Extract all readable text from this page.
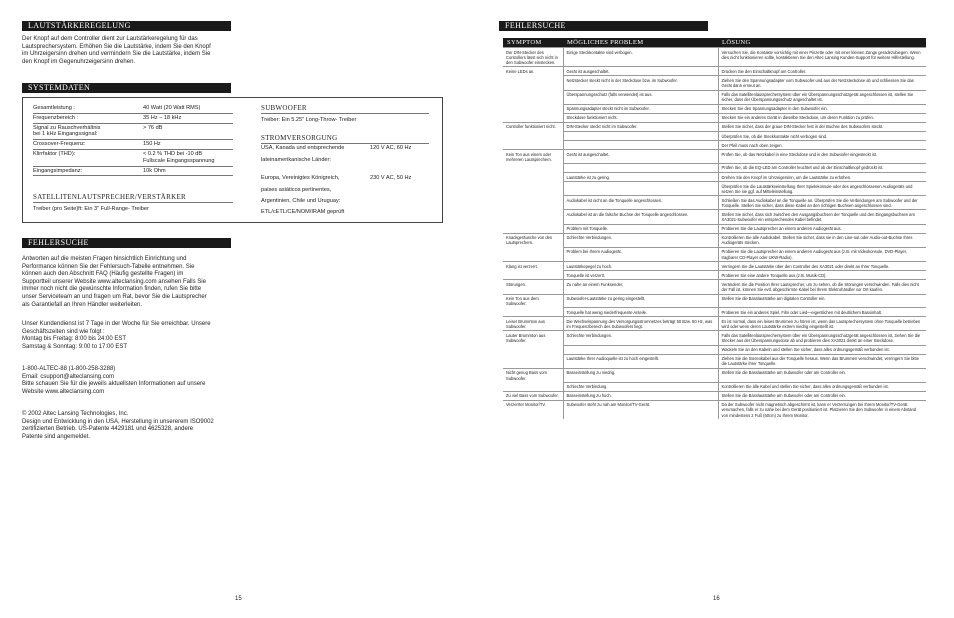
LAUTSTÄRKEREGELUNG
Der Knopf auf dem Controller dient zur Lautstärkeregelung für das
Lautsprechersystem. Erhöhen Sie die Lautstärke, indem Sie den Knopf
im Uhrzeigersinn drehen und vermindern Sie die Lautstärke, indem Sie
den Knopf im Gegenuhrzeigersinn drehen.
SYSTEMDATEN
Gesamtleistung :	40 Watt (20 Watt RMS)
Frequenzbereich :	35 Hz – 18 kHz
Signal zu Rauschverhältnis
bei 1 kHz Eingangssignal:	> 76 dB
Crossover-Frequenz:	150 Hz
Klirrfaktor (THD):	< 0.2 % THD bei -10 dB
Fullscale Eingangsspannung
Eingangsimpedanz:	10k Ohm
SATELLITENLAUTSPRECHER/VERSTÄRKER
Treiber (pro Seite)ft: Ein 3" Full-Range- Treiber
SUBWOOFER
Treiber: Ein 5.25" Long-Throw- Treiber
STROMVERSORGUNG
USA, Kanada und entsprechende	120 V AC, 60 Hz
lateinamerikanische Länder:
Europa, Vereinigtes Königreich,	230 V AC, 50 Hz
paises asiáticos pertinentes,
Argentinien, Chile und Uruguay:
ETL/cETL/CE/NOM/IRAM geprüft
FEHLERSUCHE
Antworten auf die meisten Fragen hinsichtlich Einrichtung und
Performance können Sie der Fehlersuch-Tabelle entnehmen. Sie
können auch den Abschnitt FAQ (Häufig gestellte Fragen) im
Supportteil unserer Website www.alteclansing.com ansehen Falls Sie
immer noch nicht die gewünschte Information finden, rufen Sie bitte
unser Serviceteam an und fragen um Rat, bevor Sie die Lautsprecher
als Garantiefall an Ihren Händler weiterleiten.
Unser Kundendienst ist 7 Tage in der Woche für Sie erreichbar. Unsere
Geschäftszeiten sind wie folgt :
Montag bis Freitag: 8:00 bis 24:00 EST
Samstag & Sonntag: 9:00 to 17:00 EST
1-800-ALTEC-88 (1-800-258-3288)
Email: csupport@alteclansing.com
Bitte schauen Sie für die jeweils aktuellsten Informationen auf unsere
Website www.alteclansing.com
© 2002 Altec Lansing Technologies, Inc.
Design und Entwicklung in den USA, Herstellung in unsererem ISO9002
zertifizierten Betrieb. US-Patente 4429181 und 4625328, andere
Patente sind angemeldet.
15
FEHLERSUCHE
SYMPTOM	MÖGLICHES PROBLEM	LÖSUNG
Der DIN-Stecker des Controllers lässt sich nicht in den Subwoofer einstecken.	Einige Steckkontakte sind verbogen.	Versuchen Sie, die Kontakte vorsichtig mit einer Pinzette oder mit einer kleinen Zange geradezubiegen. Wenn dies nicht funktionieren sollte, kontaktieren Sie den Altec Lansing Kunden-Support für weitere Hilfestellung.
Keine LEDs an.	Gerät ist ausgeschaltet.	Drücken Sie den Einschaltknopf am Controller.
	Netzstecker steckt nicht in der Steckdose bzw. im Subwoofer.	Ziehen Sie den Spannungsadapter vom Subwoofer und aus der Netzsteckdose ab und schliessen Sie das Gerät dann erneut an.
	Überspannungsschutz (falls verwendet) ist aus.	Falls das Satellitenlautsprechersystem über ein Überspannungsschutzgerät angeschlossen ist, stellen Sie sicher, dass der Überspannungsschutz angeschaltet ist.
	Spannungsadapter steckt nicht im Subwoofer.	Stecken Sie den Spannungsadapter in den Subwoofer ein.
	Steckdose funktioniert nicht.	Stecken Sie ein anderes Gerät in dieselbe Steckdose, um deren Funktion zu prüfen.
Controller funktioniert nicht.	DIN-Stecker steckt nicht im Subwoofer.	Stellen Sie sicher, dass der graue DIN-Stecker fest in der Buchse des Subwoofers steckt.
		Überprüfen Sie, ob die Steckkontakte nicht verbogen sind.
		Der Pfeil muss nach oben zeigen.
Kein Ton aus einem oder mehreren Lautsprechern.	Gerät ist ausgeschaltet.	Prüfen Sie, ob das Netzkabel in eine Steckdose und in den Subwoofer eingesteckt ist.
		Prüfen Sie, ob die EQ-LED am Controller leuchtet und ob der Einschaltknopf gedrückt ist.
	Lautstärke ist zu gering.	Drehen Sie den Knopf im Uhrzeigersinn, um die Lautstärke zu erhöhen.
		Überprüfen Sie die Lautstärkeeinstellung Ihrer Spielekonsole oder des angeschlossenen Audiogeräts und setzen Sie sie ggf. auf Mitteleinstellung.
	Audiokabel ist nicht an die Tonquelle angeschlossen.	Schließen Sie das Audiokabel an die Tonquelle an. Überprüfen Sie die Verbindungen am Subwoofer und der Tonquelle. Stellen Sie sicher, dass diese Kabel an den richtigen Buchsen angeschlossen sind.
	Audiokabel ist an die falsche Buchse der Tonquelle angeschlossen.	Stellen Sie sicher, dass sich zwischen den Ausgangsbuchsen der Tonquelle und den Eingangsbuchsen am XA3021-Subwoofer ein entsprechendes Kabel befindet.
	Problem mit Tonquelle.	Probieren Sie die Lautsprecher an einem anderen Audiogerät aus.
Knackgeräusche von den Lautsprechern.	Schlechte Verbindungen.	Kontrollieren Sie alle Audiokabel. Stellen Sie sicher, dass sie in den Line-out oder Audio-out-Buchse Ihres Audiogeräts stecken.
	Problem bei Ihrem Audiogerät.	Probieren Sie die Lautsprecher an einem anderen Audiogerät aus (z.B. mit Videokonsole, DVD-Player, tragbarer CD-Player oder UKW-Radio).
Klang ist verzerrt.	Lautstärkepegel zu hoch.	Verringern Sie die Lautstärke über den Controller des XA3021 oder direkt an Ihrer Tonquelle.
	Tonquelle ist verzerrt.	Probieren Sie eine andere Tonquelle aus (z.B. Musik-CD).
Störungen.	Zu nahe an einem Funksender.	Verändern Sie die Position Ihrer Lautsprecher, um zu sehen, ob die Störungen verschwinden. Falls dies nicht der Fall ist, können Sie evtl. abgeschirmte Kabel bei Ihrem Elektrohändler vor Ort kaufen.
Kein Ton aus dem Subwoofer.	Subwoofer-Lautstärke zu gering eingestellt.	Stellen Sie die Basslautstärke am digitalen Controller ein.
	Tonquelle hat wenig niederfrequente Anteile.	Probieren Sie ein anderes Spiel, Film oder Lied—eigentlichen mit deutlichem Bassinhalt.
Leiser Brummton aus Subwoofer.	Die Wechselspannung des Versorgungsstromnetzes beträgt 50 Bzw. 60 Hz, was im Frequenzbereich des Subwoofers liegt.	Es ist normal, dass ein leises Brummen zu hören ist, wenn das Lautsprechersystem ohne Tonquelle betrieben wird oder wenn deren Lautstärke extrem niedrig eingestellt ist.
Lauter Brummton aus Subwoofer.	Schlechte Verbindungen.	Falls das Satellitenlautsprechersystem über ein Überspannungsschutzgerät angeschlossen ist, ziehen Sie die Stecker aus der Überspannungsdose ab und probieren dies XA3021 direkt an einer Steckdose.
		Wackeln Sie an den Kabeln und stellen Sie sicher, dass alles ordnungsgemäß verbunden ist.
	Lautstärke Ihrer Audioquelle ist zu hoch eingestellt.	Ziehen Sie die Stereokabel aus der Tonquelle heraus. Wenn das Brummen verschwindet, verringern Sie bitte die Lautstärke Ihrer Tonquelle.
Nicht genug Bass vom Subwoofer.	Basseinstellung zu niedrig.	Stellen Sie die Basslautstärke am Subwoofer oder am Controller ein.
	Schlechte Verbindung.	Kontrollieren Sie alle Kabel und stellen Sie sicher, dass alles ordnungsgemäß verbunden ist.
Zu viel Bass vom Subwoofer.	Basseinstellung zu hoch.	Stellen Sie die Basslautstärke am Subwoofer oder am Controller ein.
Verzerrter Monitor/TV.	Subwoofer steht zu nah am Monitor/TV-Gerät.	Da der Subwoofer nicht magnetisch abgeschirmt ist, kann er Verzerrungen bei Ihrem Monitor/TV-Gerät verursachen, falls er zu nahe bei dem Gerät positioniert ist. Platzieren Sie den Subwoofer in einem Abstand von mindestens 2 Fuß (60cm) zu Ihrem Monitor.
16
